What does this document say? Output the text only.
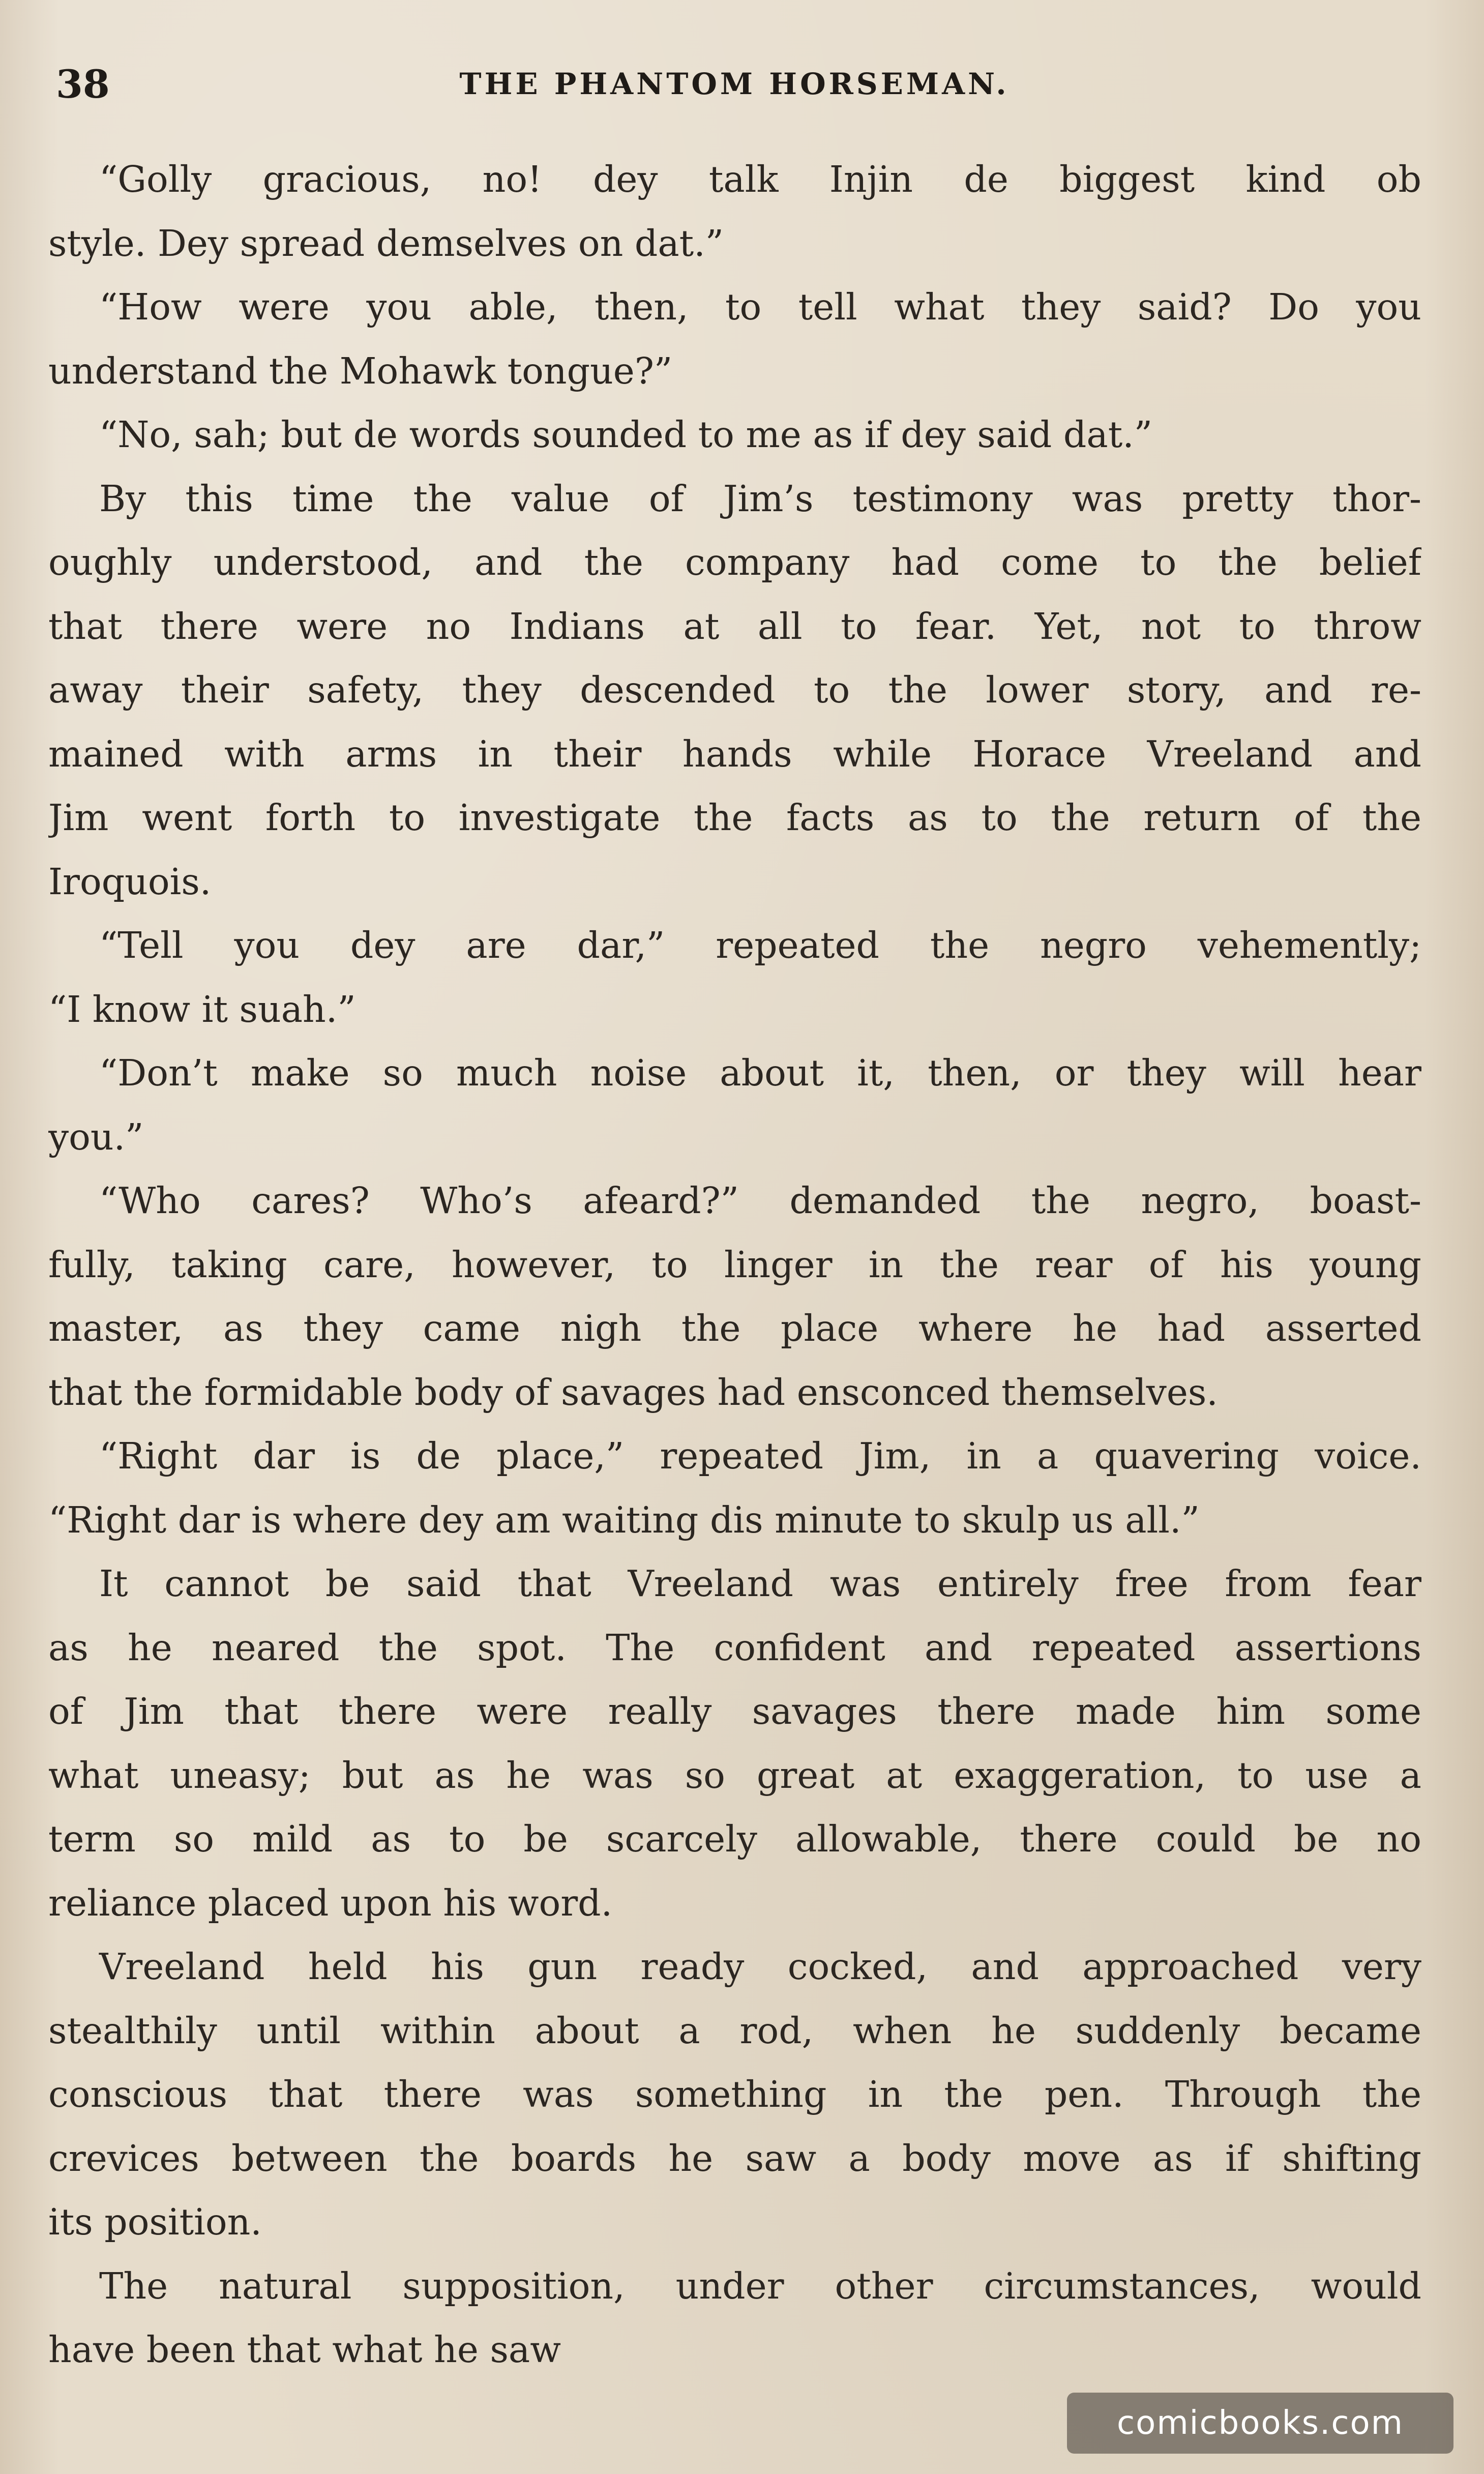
38	THE PHANTOM HORSEMAN.
“Golly gracious, no! dey talk Injin de biggest kind ob
style. Dey spread demselves on dat.”
“How were you able, then, to tell what they said? Do you
understand the Mohawk tongue?”
“No, sah; but de words sounded to me as if dey said dat.”
By this time the value of Jim’s testimony was pretty thor-
oughly understood, and the company had come to the belief
that there were no Indians at all to fear. Yet, not to throw
away their safety, they descended to the lower story, and re-
mained with arms in their hands while Horace Vreeland and
Jim went forth to investigate the facts as to the return of the
Iroquois.
“Tell you dey are dar,” repeated the negro vehemently;
“I know it suah.”
“Don’t make so much noise about it, then, or they will hear
you.”
“Who cares? Who’s afeard?” demanded the negro, boast-
fully, taking care, however, to linger in the rear of his young
master, as they came nigh the place where he had asserted
that the formidable body of savages had ensconced themselves.
“Right dar is de place,” repeated Jim, in a quavering voice.
“Right dar is where dey am waiting dis minute to skulp us all.”
It cannot be said that Vreeland was entirely free from fear
as he neared the spot. The confident and repeated assertions
of Jim that there were really savages there made him some
what uneasy; but as he was so great at exaggeration, to use a
term so mild as to be scarcely allowable, there could be no
reliance placed upon his word.
Vreeland held his gun ready cocked, and approached very
stealthily until within about a rod, when he suddenly became
conscious that there was something in the pen. Through the
crevices between the boards he saw a body move as if shifting
its position.
The natural supposition, under other circumstances, would
have been that what he saw
comicbooks.com
